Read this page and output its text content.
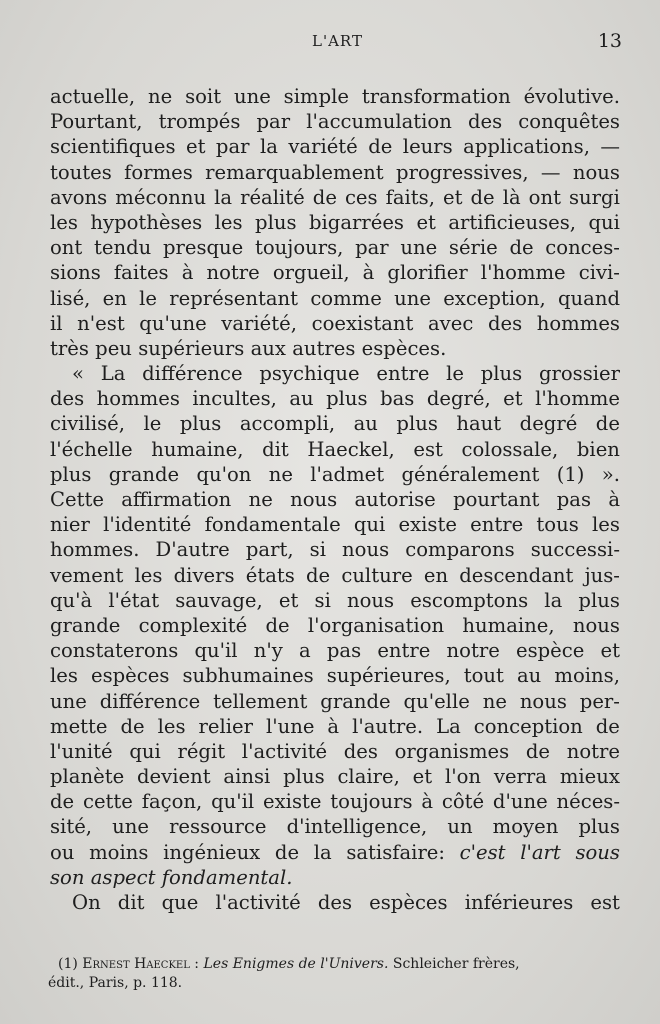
L'ART	13
actuelle, ne soit une simple transformation évolutive.
Pourtant, trompés par l'accumulation des conquêtes
scientifiques et par la variété de leurs applications, —
toutes formes remarquablement progressives, — nous
avons méconnu la réalité de ces faits, et de là ont surgi
les hypothèses les plus bigarrées et artificieuses, qui
ont tendu presque toujours, par une série de conces-
sions faites à notre orgueil, à glorifier l'homme civi-
lisé, en le représentant comme une exception, quand
il n'est qu'une variété, coexistant avec des hommes
très peu supérieurs aux autres espèces.
« La différence psychique entre le plus grossier
des hommes incultes, au plus bas degré, et l'homme
civilisé, le plus accompli, au plus haut degré de
l'échelle humaine, dit Haeckel, est colossale, bien
plus grande qu'on ne l'admet généralement (1) ».
Cette affirmation ne nous autorise pourtant pas à
nier l'identité fondamentale qui existe entre tous les
hommes. D'autre part, si nous comparons successi-
vement les divers états de culture en descendant jus-
qu'à l'état sauvage, et si nous escomptons la plus
grande complexité de l'organisation humaine, nous
constaterons qu'il n'y a pas entre notre espèce et
les espèces subhumaines supérieures, tout au moins,
une différence tellement grande qu'elle ne nous per-
mette de les relier l'une à l'autre. La conception de
l'unité qui régit l'activité des organismes de notre
planète devient ainsi plus claire, et l'on verra mieux
de cette façon, qu'il existe toujours à côté d'une néces-
sité, une ressource d'intelligence, un moyen plus
ou moins ingénieux de la satisfaire: c'est l'art sous
son aspect fondamental.
On dit que l'activité des espèces inférieures est
(1) Ernest Haeckel : Les Enigmes de l'Univers. Schleicher frères,
édit., Paris, p. 118.
